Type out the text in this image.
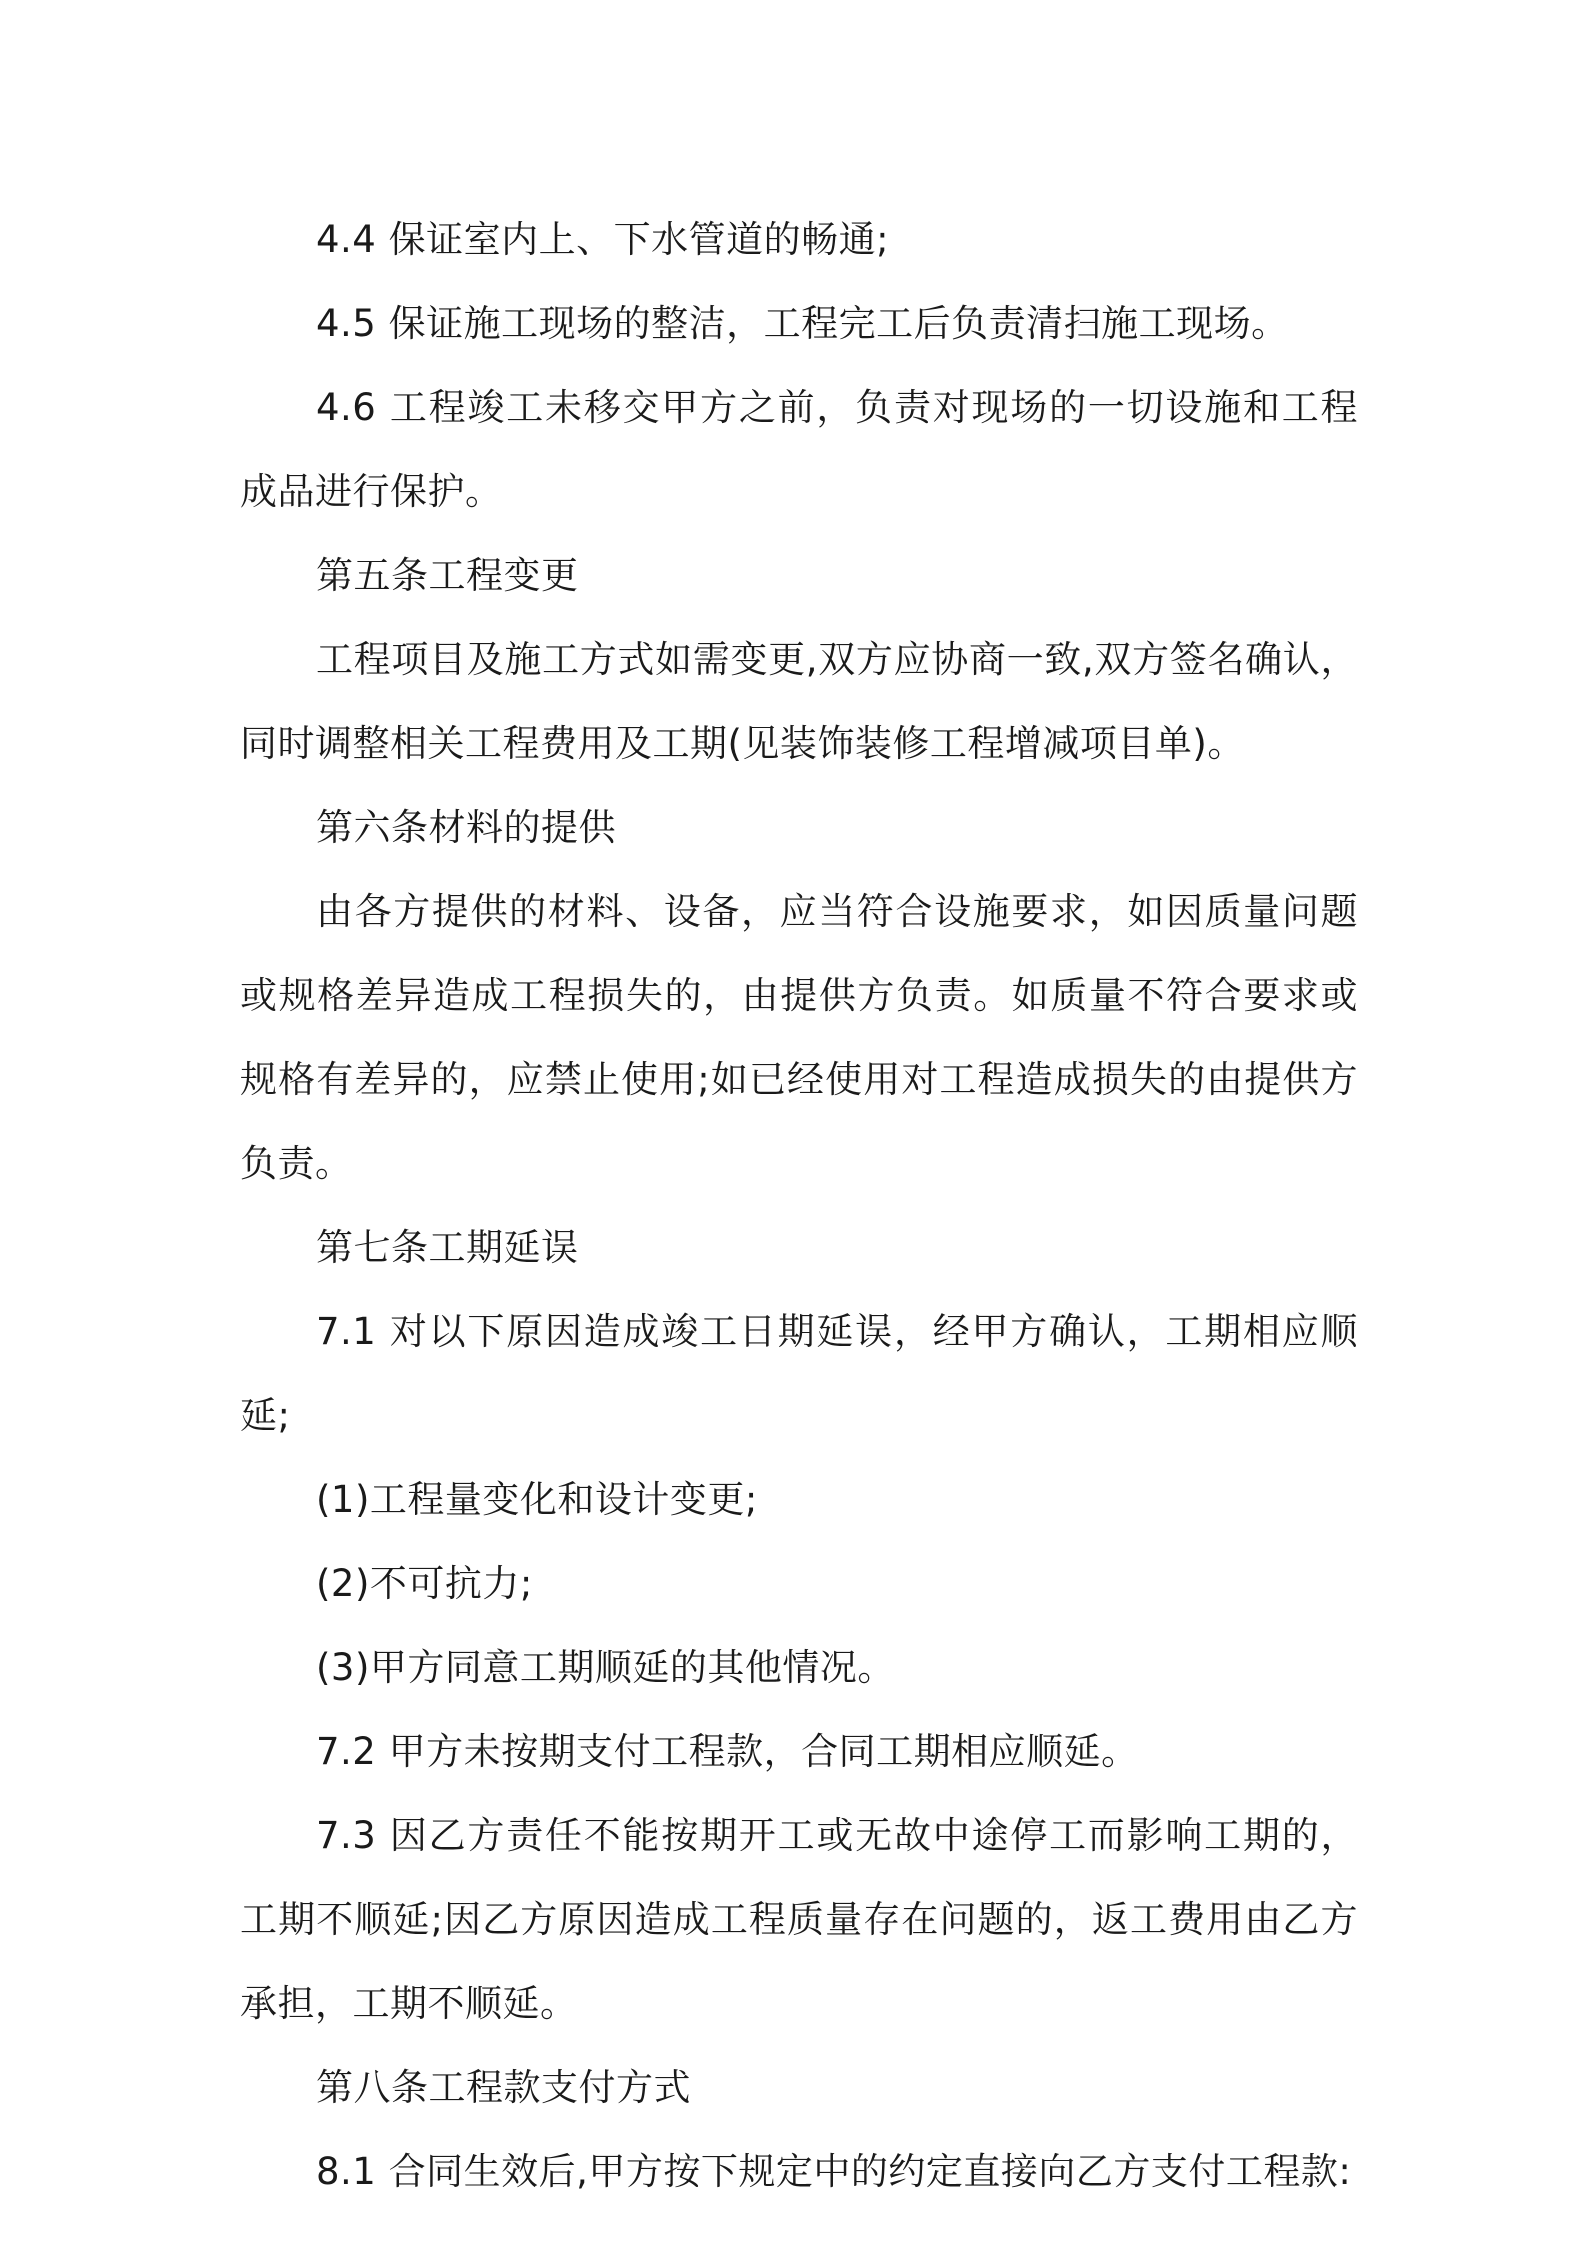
4.4 保证室内上、下水管道的畅通;

4.5 保证施工现场的整洁，工程完工后负责清扫施工现场。

4.6 工程竣工未移交甲方之前，负责对现场的一切设施和工程成品进行保护。

第五条工程变更

工程项目及施工方式如需变更,双方应协商一致,双方签名确认，同时调整相关工程费用及工期(见装饰装修工程增减项目单)。

第六条材料的提供

由各方提供的材料、设备，应当符合设施要求，如因质量问题或规格差异造成工程损失的，由提供方负责。如质量不符合要求或规格有差异的，应禁止使用;如已经使用对工程造成损失的由提供方负责。

第七条工期延误

7.1 对以下原因造成竣工日期延误，经甲方确认，工期相应顺延;

(1)工程量变化和设计变更;

(2)不可抗力;

(3)甲方同意工期顺延的其他情况。

7.2 甲方未按期支付工程款，合同工期相应顺延。

7.3 因乙方责任不能按期开工或无故中途停工而影响工期的，工期不顺延;因乙方原因造成工程质量存在问题的，返工费用由乙方承担，工期不顺延。

第八条工程款支付方式

8.1 合同生效后,甲方按下规定中的约定直接向乙方支付工程款:
